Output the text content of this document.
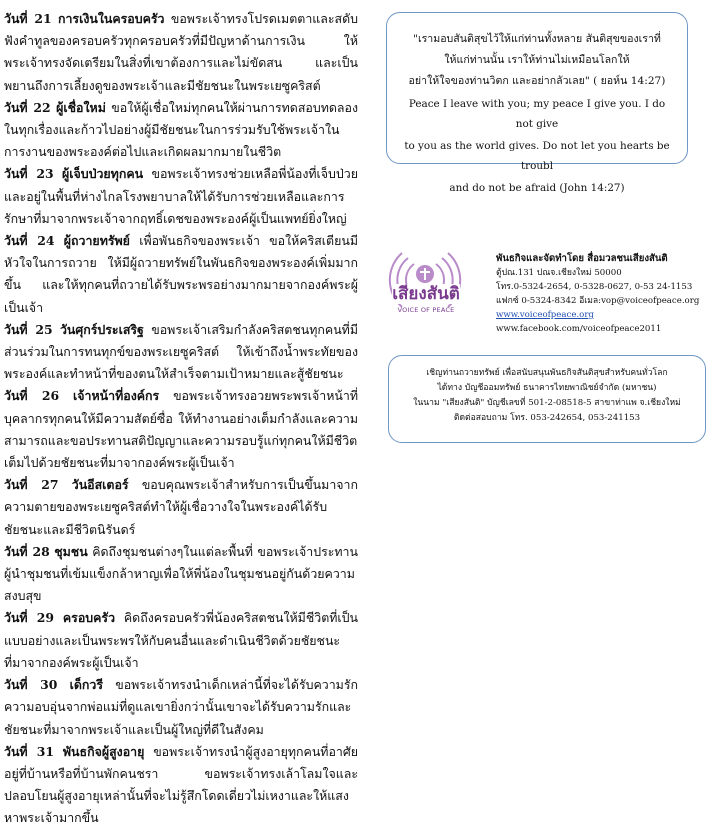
วันที่ 21 การเงินในครอบครัว ขอพระเจ้าทรงโปรดเมตตาและสดับฟังคำทูลของครอบครัวทุกครอบครัวที่มีปัญหาด้านการเงิน ให้พระเจ้าทรงจัดเตรียมในสิ่งที่เขาต้องการและไม่ขัดสน และเป็นพยานถึงการเลี้ยงดูของพระเจ้าและมีชัยชนะในพระเยซูคริสต์
วันที่ 22 ผู้เชื่อใหม่ ขอให้ผู้เชื่อใหม่ทุกคนให้ผ่านการทดสอบทดลองในทุกเรื่องและก้าวไปอย่างผู้มีชัยชนะในการร่วมรับใช้พระเจ้าในการงานของพระองค์ต่อไปและเกิดผลมากมายในชีวิต
วันที่ 23 ผู้เจ็บป่วยทุกคน ขอพระเจ้าทรงช่วยเหลือพี่น้องที่เจ็บป่วยและอยู่ในพื้นที่ห่างไกลโรงพยาบาลให้ได้รับการช่วยเหลือและการรักษาที่มาจากพระเจ้าจากฤทธิ์เดชของพระองค์ผู้เป็นแพทย์ยิ่งใหญ่
วันที่ 24 ผู้ถวายทรัพย์ เพื่อพันธกิจของพระเจ้า ขอให้คริสเตียนมีหัวใจในการถวาย ให้มีผู้ถวายทรัพย์ในพันธกิจของพระองค์เพิ่มมากขึ้น และให้ทุกคนที่ถวายได้รับพระพรอย่างมากมายจากองค์พระผู้เป็นเจ้า
วันที่ 25 วันศุกร์ประเสริฐ ขอพระเจ้าเสริมกำลังคริสตชนทุกคนที่มีส่วนร่วมในการทนทุกข์ของพระเยซูคริสต์ ให้เข้าถึงน้ำพระทัยของพระองค์และทำหน้าที่ของตนให้สำเร็จตามเป้าหมายและสู้ชัยชนะ
วันที่ 26 เจ้าหน้าที่องค์กร ขอพระเจ้าทรงอวยพระพรเจ้าหน้าที่บุคลากรทุกคนให้มีความสัตย์ซื่อ ให้ทำงานอย่างเต็มกำลังและความสามารถและขอประทานสติปัญญาและความรอบรู้แก่ทุกคนให้มีชีวิตเต็มไปด้วยชัยชนะที่มาจากองค์พระผู้เป็นเจ้า
วันที่ 27 วันอีสเตอร์ ขอบคุณพระเจ้าสำหรับการเป็นขึ้นมาจากความตายของพระเยซูคริสต์ทำให้ผู้เชื่อวางใจในพระองค์ได้รับชัยชนะและมีชีวิตนิรันดร์
วันที่ 28 ชุมชน คิดถึงชุมชนต่างๆในแต่ละพื้นที่ ขอพระเจ้าประทานผู้นำชุมชนที่เข้มแข็งกล้าหาญเพื่อให้พี่น้องในชุมชนอยู่กันด้วยความสงบสุข
วันที่ 29 ครอบครัว คิดถึงครอบครัวพี่น้องคริสตชนให้มีชีวิตที่เป็นแบบอย่างและเป็นพระพรให้กับคนอื่นและดำเนินชีวิตด้วยชัยชนะที่มาจากองค์พระผู้เป็นเจ้า
วันที่ 30 เด็กวรี ขอพระเจ้าทรงนำเด็กเหล่านี้ที่จะได้รับความรักความอบอุ่นจากพ่อแม่ที่ดูแลเขายิ่งกว่านั้นเขาจะได้รับความรักและชัยชนะที่มาจากพระเจ้าและเป็นผู้ใหญ่ที่ดีในสังคม
วันที่ 31 พันธกิจผู้สูงอายุ ขอพระเจ้าทรงนำผู้สูงอายุทุกคนที่อาศัยอยู่ที่บ้านหรือที่บ้านพักคนชรา ขอพระเจ้าทรงเล้าโลมใจและปลอบโยนผู้สูงอายุเหล่านั้นที่จะไม่รู้สึกโดดเดี่ยวไม่เหงาและให้แสงหาพระเจ้ามากขึ้น
"เรามอบสันติสุขไว้ให้แก่ท่านทั้งหลาย สันติสุขของเราที่
ให้แก่ท่านนั้น เราให้ท่านไม่เหมือนโลกให้
อย่าให้ใจของท่านวิตก และอย่ากลัวเลย" ( ยอห์น 14:27)
Peace I leave with you; my peace I give you. I do not give
to you as the world gives. Do not let you hearts be troubl
and do not be afraid (John 14:27)
เสียงสันติ
VOICE OF PEACE
พันธกิจและจัดทำโดย สื่อมวลชนเสียงสันติ
ตู้ปณ.131 ปณจ.เชียงใหม่ 50000
โทร.0-5324-2654, 0-5328-0627, 0-53 24-1153
แฟกซ์ 0-5324-8342 อีเมล:vop@voiceofpeace.org
www.voiceofpeace.org
www.facebook.com/voiceofpeace2011
เชิญท่านถวายทรัพย์ เพื่อสนับสนุนพันธกิจสันติสุขสำหรับคนทั่วโลก
ได้ทาง บัญชีออมทรัพย์ ธนาคารไทยพาณิชย์จำกัด (มหาชน)
ในนาม "เสียงสันติ" บัญชีเลขที่ 501-2-08518-5 สาขาท่าแพ จ.เชียงใหม่
ติดต่อสอบถาม โทร. 053-242654, 053-241153
